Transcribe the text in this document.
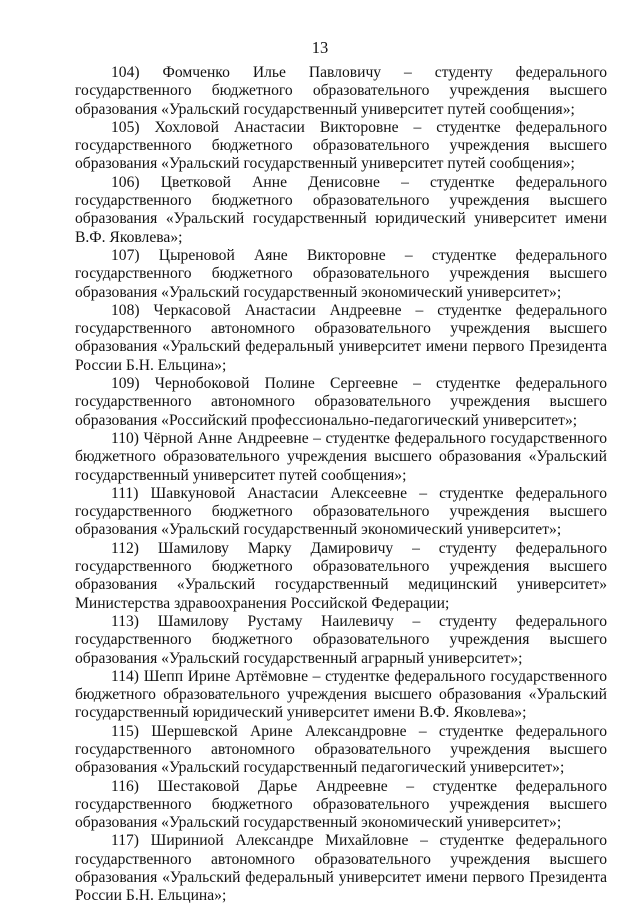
13

104) Фомченко Илье Павловичу – студенту федерального государственного бюджетного образовательного учреждения высшего образования «Уральский государственный университет путей сообщения»;

105) Хохловой Анастасии Викторовне – студентке федерального государственного бюджетного образовательного учреждения высшего образования «Уральский государственный университет путей сообщения»;

106) Цветковой Анне Денисовне – студентке федерального государственного бюджетного образовательного учреждения высшего образования «Уральский государственный юридический университет имени В.Ф. Яковлева»;

107) Цыреновой Аяне Викторовне – студентке федерального государственного бюджетного образовательного учреждения высшего образования «Уральский государственный экономический университет»;

108) Черкасовой Анастасии Андреевне – студентке федерального государственного автономного образовательного учреждения высшего образования «Уральский федеральный университет имени первого Президента России Б.Н. Ельцина»;

109) Чернобоковой Полине Сергеевне – студентке федерального государственного автономного образовательного учреждения высшего образования «Российский профессионально-педагогический университет»;

110) Чёрной Анне Андреевне – студентке федерального государственного бюджетного образовательного учреждения высшего образования «Уральский государственный университет путей сообщения»;

111) Шавкуновой Анастасии Алексеевне – студентке федерального государственного бюджетного образовательного учреждения высшего образования «Уральский государственный экономический университет»;

112) Шамилову Марку Дамировичу – студенту федерального государственного бюджетного образовательного учреждения высшего образования «Уральский государственный медицинский университет» Министерства здравоохранения Российской Федерации;

113) Шамилову Рустаму Наилевичу – студенту федерального государственного бюджетного образовательного учреждения высшего образования «Уральский государственный аграрный университет»;

114) Шепп Ирине Артёмовне – студентке федерального государственного бюджетного образовательного учреждения высшего образования «Уральский государственный юридический университет имени В.Ф. Яковлева»;

115) Шершевской Арине Александровне – студентке федерального государственного автономного образовательного учреждения высшего образования «Уральский государственный педагогический университет»;

116) Шестаковой Дарье Андреевне – студентке федерального государственного бюджетного образовательного учреждения высшего образования «Уральский государственный экономический университет»;

117) Шириниой Александре Михайловне – студентке федерального государственного автономного образовательного учреждения высшего образования «Уральский федеральный университет имени первого Президента России Б.Н. Ельцина»;
